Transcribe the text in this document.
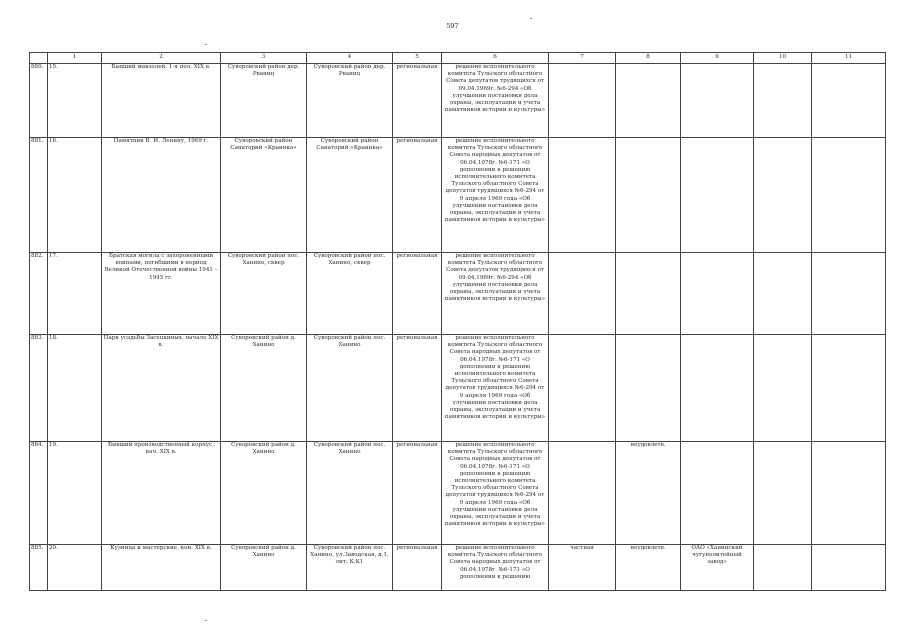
597
	1	2	3	4	5	6	7	8	9	10	11
880.	15.	Бывший мавзолей, 1-я пол. XIX в.	Суворовский район дер. Рваниц	Суворовский район дер. Рваниц	региональная	решение исполнительного комитета Тульского областного Совета депутатов трудящихся от 09.04.1969г. №6-294 «Об улучшении постановки дела охраны, эксплуатации и учета памятников истории и культуры»					
881.	16.	Памятник В. И. Ленину, 1969 г.	Суворовский район Санаторий «Краинка»	Суворовский район Санаторий «Краинка»	региональная	решение исполнительного комитета Тульского областного Совета народных депутатов от 06.04.1978г. №6-171 «О дополнении к решению исполнительного комитета Тульского областного Совета депутатов трудящихся №6-294 от 9 апреля 1969 года «Об улучшении постановки дела охраны, эксплуатации и учета памятников истории и культуры»					
882.	17.	Братская могила с захороненными воинами, погибшими в период Великой Отечественной войны 1941 – 1945 гг.	Суворовский район пос. Ханино, сквер	Суворовский район пос. Ханино, сквер	региональная	решение исполнительного комитета Тульского областного Совета депутатов трудящихся от 09.04.1969г. №6-294 «Об улучшении постановки дела охраны, эксплуатации и учета памятников истории и культуры»					
883.	18.	Парк усадьбы Засецкиных, начало XIX в.	Суворовский район д. Ханино	Суворовский район пос. Ханино	региональная	решение исполнительного комитета Тульского областного Совета народных депутатов от 06.04.1978г. №6-171 «О дополнении к решению исполнительного комитета Тульского областного Совета депутатов трудящихся №6-294 от 9 апреля 1969 года «Об улучшении постановки дела охраны, эксплуатации и учета памятников истории и культуры»					
884.	19.	Бывший производственный корпус, нач. XIX в.	Суворовский район д. Ханино	Суворовский район пос. Ханино	региональная	решение исполнительного комитета Тульского областного Совета народных депутатов от 06.04.1978г. №6-171 «О дополнении к решению исполнительного комитета Тульского областного Совета депутатов трудящихся №6-294 от 9 апреля 1969 года «Об улучшении постановки дела охраны, эксплуатации и учета памятников истории и культуры»		неудовлетв.			
885.	20.	Кузница и мастерские, кон. XIX в.	Суворовский район д. Ханино	Суворовский район пос. Ханино, ул.Заводская, д.1, лит. К,К1	региональная	решение исполнительного комитета Тульского областного Совета народных депутатов от 06.04.1978г. №6-171 «О дополнении к решению	частная	неудовлетв.	ОАО «Ханинский чугунолитейный завод»		
